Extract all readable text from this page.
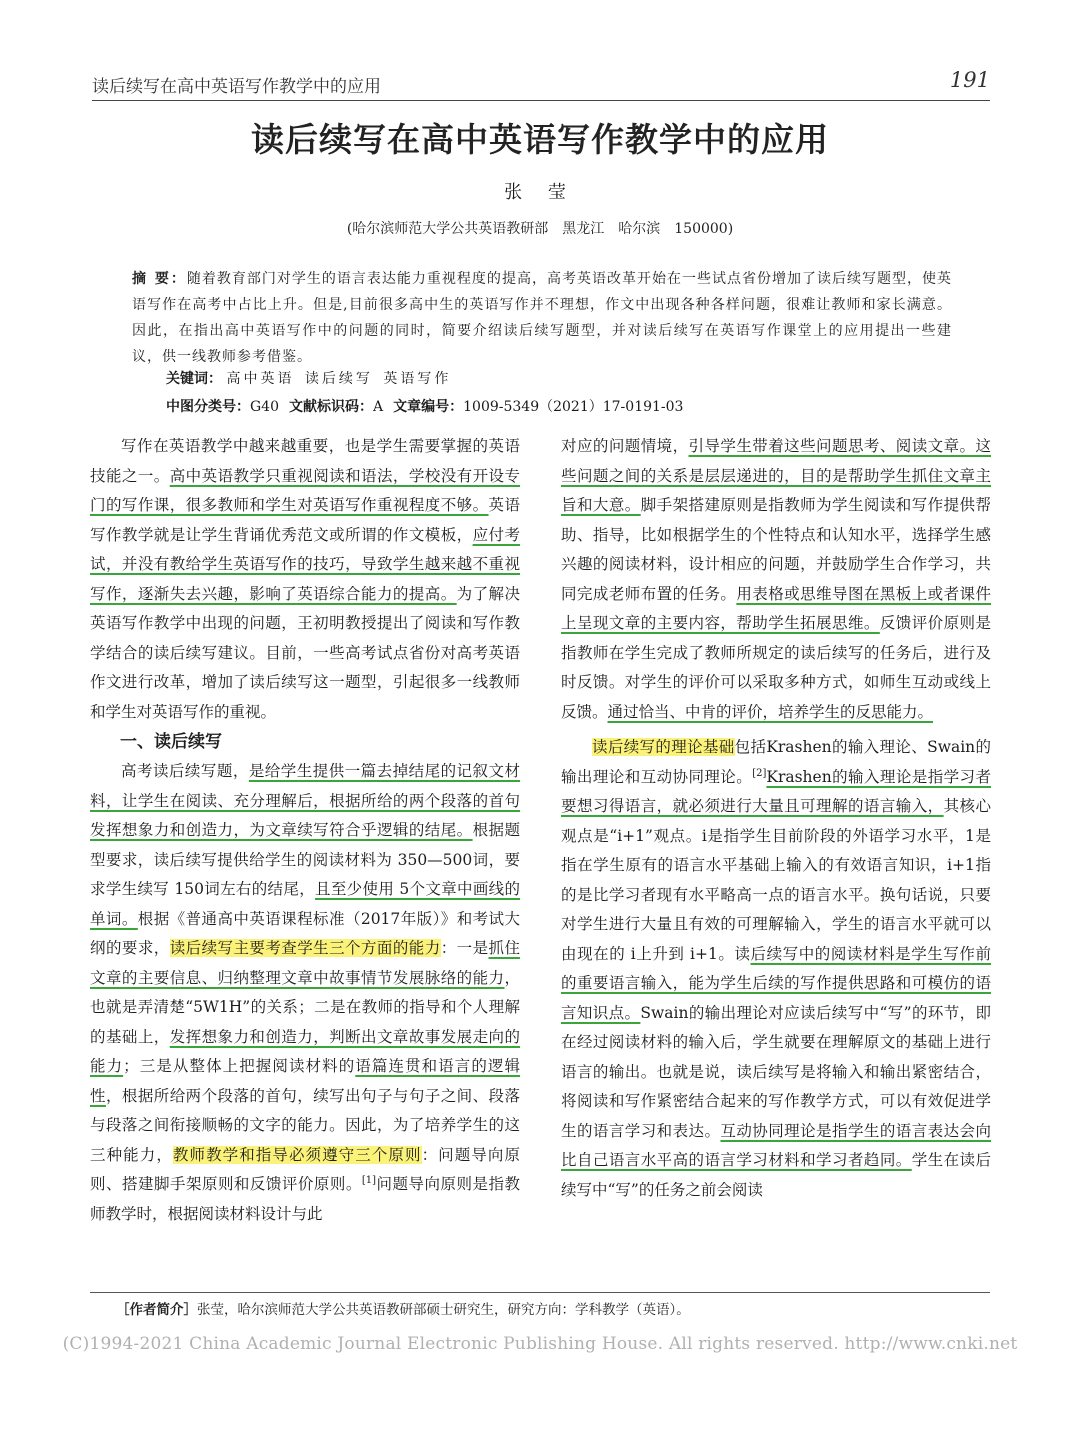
读后续写在高中英语写作教学中的应用	191
读后续写在高中英语写作教学中的应用
张 莹
(哈尔滨师范大学公共英语教研部　黑龙江　哈尔滨　150000)
摘 要：随着教育部门对学生的语言表达能力重视程度的提高，高考英语改革开始在一些试点省份增加了读后续写题型，使英语写作在高考中占比上升。但是,目前很多高中生的英语写作并不理想，作文中出现各种各样问题，很难让教师和家长满意。因此，在指出高中英语写作中的问题的同时，简要介绍读后续写题型，并对读后续写在英语写作课堂上的应用提出一些建议，供一线教师参考借鉴。
关键词： 高中英语 读后续写 英语写作
中图分类号：G40 文献标识码：A 文章编号：1009-5349（2021）17-0191-03

写作在英语教学中越来越重要，也是学生需要掌握的英语技能之一。高中英语教学只重视阅读和语法，学校没有开设专门的写作课，很多教师和学生对英语写作重视程度不够。英语写作教学就是让学生背诵优秀范文或所谓的作文模板，应付考试，并没有教给学生英语写作的技巧，导致学生越来越不重视写作，逐渐失去兴趣，影响了英语综合能力的提高。为了解决英语写作教学中出现的问题，王初明教授提出了阅读和写作教学结合的读后续写建议。目前，一些高考试点省份对高考英语作文进行改革，增加了读后续写这一题型，引起很多一线教师和学生对英语写作的重视。

一、读后续写

高考读后续写题，是给学生提供一篇去掉结尾的记叙文材料，让学生在阅读、充分理解后，根据所给的两个段落的首句发挥想象力和创造力，为文章续写符合乎逻辑的结尾。根据题型要求，读后续写提供给学生的阅读材料为 350—500词，要求学生续写 150词左右的结尾，且至少使用 5个文章中画线的单词。根据《普通高中英语课程标准（2017年版）》和考试大纲的要求，读后续写主要考查学生三个方面的能力：一是抓住文章的主要信息、归纳整理文章中故事情节发展脉络的能力，也就是弄清楚“5W1H”的关系；二是在教师的指导和个人理解的基础上，发挥想象力和创造力，判断出文章故事发展走向的能力；三是从整体上把握阅读材料的语篇连贯和语言的逻辑性，根据所给两个段落的首句，续写出句子与句子之间、段落与段落之间衔接顺畅的文字的能力。因此，为了培养学生的这三种能力，教师教学和指导必须遵守三个原则：问题导向原则、搭建脚手架原则和反馈评价原则。[1]问题导向原则是指教师教学时，根据阅读材料设计与此

对应的问题情境，引导学生带着这些问题思考、阅读文章。这些问题之间的关系是层层递进的，目的是帮助学生抓住文章主旨和大意。脚手架搭建原则是指教师为学生阅读和写作提供帮助、指导，比如根据学生的个性特点和认知水平，选择学生感兴趣的阅读材料，设计相应的问题，并鼓励学生合作学习，共同完成老师布置的任务。用表格或思维导图在黑板上或者课件上呈现文章的主要内容，帮助学生拓展思维。反馈评价原则是指教师在学生完成了教师所规定的读后续写的任务后，进行及时反馈。对学生的评价可以采取多种方式，如师生互动或线上反馈。通过恰当、中肯的评价，培养学生的反思能力。

读后续写的理论基础包括Krashen的输入理论、Swain的输出理论和互动协同理论。[2]Krashen的输入理论是指学习者要想习得语言，就必须进行大量且可理解的语言输入，其核心观点是“i+1”观点。i是指学生目前阶段的外语学习水平，1是指在学生原有的语言水平基础上输入的有效语言知识，i+1指的是比学习者现有水平略高一点的语言水平。换句话说，只要对学生进行大量且有效的可理解输入，学生的语言水平就可以由现在的 i上升到 i+1。读后续写中的阅读材料是学生写作前的重要语言输入，能为学生后续的写作提供思路和可模仿的语言知识点。Swain的输出理论对应读后续写中“写”的环节，即在经过阅读材料的输入后，学生就要在理解原文的基础上进行语言的输出。也就是说，读后续写是将输入和输出紧密结合，将阅读和写作紧密结合起来的写作教学方式，可以有效促进学生的语言学习和表达。互动协同理论是指学生的语言表达会向比自己语言水平高的语言学习材料和学习者趋同。学生在读后续写中“写”的任务之前会阅读

［作者简介］张莹，哈尔滨师范大学公共英语教研部硕士研究生，研究方向：学科教学（英语）。
(C)1994-2021 China Academic Journal Electronic Publishing House. All rights reserved. http://www.cnki.net
